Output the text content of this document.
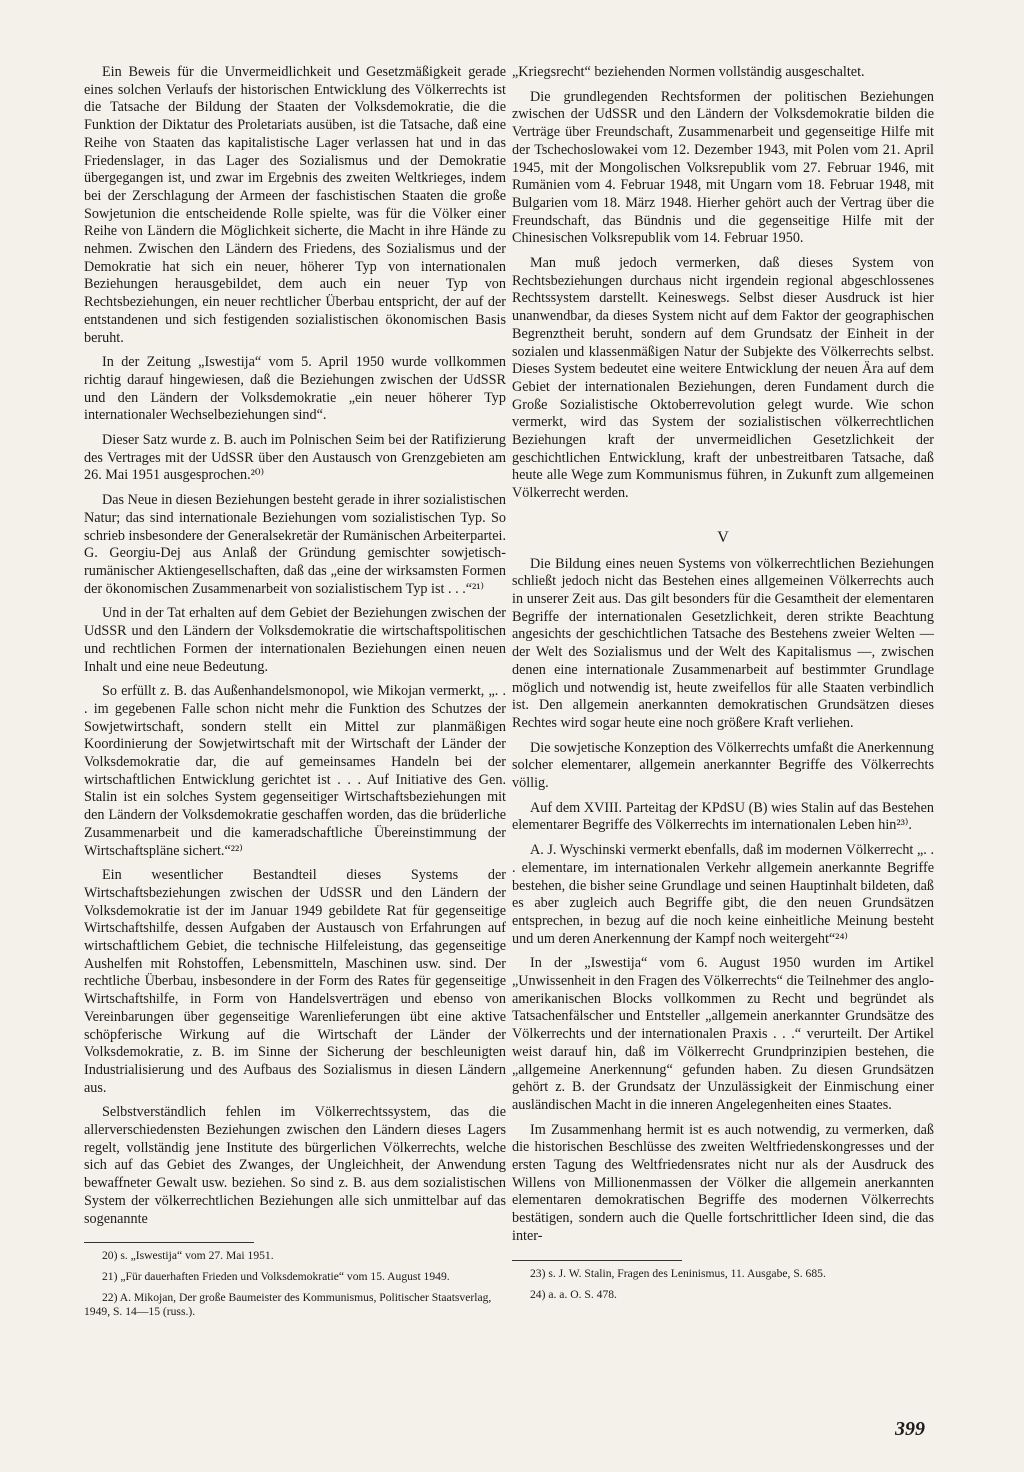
Ein Beweis für die Unvermeidlichkeit und Gesetzmäßigkeit gerade eines solchen Verlaufs der historischen Entwicklung des Völkerrechts ist die Tatsache der Bildung der Staaten der Volksdemokratie, die die Funktion der Diktatur des Proletariats ausüben, ist die Tatsache, daß eine Reihe von Staaten das kapitalistische Lager verlassen hat und in das Friedenslager, in das Lager des Sozialismus und der Demokratie übergegangen ist, und zwar im Ergebnis des zweiten Weltkrieges, indem bei der Zerschlagung der Armeen der faschistischen Staaten die große Sowjetunion die entscheidende Rolle spielte, was für die Völker einer Reihe von Ländern die Möglichkeit sicherte, die Macht in ihre Hände zu nehmen. Zwischen den Ländern des Friedens, des Sozialismus und der Demokratie hat sich ein neuer, höherer Typ von internationalen Beziehungen herausgebildet, dem auch ein neuer Typ von Rechtsbeziehungen, ein neuer rechtlicher Überbau entspricht, der auf der entstandenen und sich festigenden sozialistischen ökonomischen Basis beruht.

In der Zeitung „Iswestija“ vom 5. April 1950 wurde vollkommen richtig darauf hingewiesen, daß die Beziehungen zwischen der UdSSR und den Ländern der Volksdemokratie „ein neuer höherer Typ internationaler Wechselbeziehungen sind“.

Dieser Satz wurde z. B. auch im Polnischen Seim bei der Ratifizierung des Vertrages mit der UdSSR über den Austausch von Grenzgebieten am 26. Mai 1951 ausgesprochen.²⁰⁾

Das Neue in diesen Beziehungen besteht gerade in ihrer sozialistischen Natur; das sind internationale Beziehungen vom sozialistischen Typ. So schrieb insbesondere der Generalsekretär der Rumänischen Arbeiterpartei. G. Georgiu-Dej aus Anlaß der Gründung gemischter sowjetisch-rumänischer Aktiengesellschaften, daß das „eine der wirksamsten Formen der ökonomischen Zusammenarbeit von sozialistischem Typ ist . . .“²¹⁾

Und in der Tat erhalten auf dem Gebiet der Beziehungen zwischen der UdSSR und den Ländern der Volksdemokratie die wirtschaftspolitischen und rechtlichen Formen der internationalen Beziehungen einen neuen Inhalt und eine neue Bedeutung.

So erfüllt z. B. das Außenhandelsmonopol, wie Mikojan vermerkt, „. . . im gegebenen Falle schon nicht mehr die Funktion des Schutzes der Sowjetwirtschaft, sondern stellt ein Mittel zur planmäßigen Koordinierung der Sowjetwirtschaft mit der Wirtschaft der Länder der Volksdemokratie dar, die auf gemeinsames Handeln bei der wirtschaftlichen Entwicklung gerichtet ist . . . Auf Initiative des Gen. Stalin ist ein solches System gegenseitiger Wirtschaftsbeziehungen mit den Ländern der Volksdemokratie geschaffen worden, das die brüderliche Zusammenarbeit und die kameradschaftliche Übereinstimmung der Wirtschaftspläne sichert.“²²⁾

Ein wesentlicher Bestandteil dieses Systems der Wirtschaftsbeziehungen zwischen der UdSSR und den Ländern der Volksdemokratie ist der im Januar 1949 gebildete Rat für gegenseitige Wirtschaftshilfe, dessen Aufgaben der Austausch von Erfahrungen auf wirtschaftlichem Gebiet, die technische Hilfeleistung, das gegenseitige Aushelfen mit Rohstoffen, Lebensmitteln, Maschinen usw. sind. Der rechtliche Überbau, insbesondere in der Form des Rates für gegenseitige Wirtschaftshilfe, in Form von Handelsverträgen und ebenso von Vereinbarungen über gegenseitige Warenlieferungen übt eine aktive schöpferische Wirkung auf die Wirtschaft der Länder der Volksdemokratie, z. B. im Sinne der Sicherung der beschleunigten Industrialisierung und des Aufbaus des Sozialismus in diesen Ländern aus.

Selbstverständlich fehlen im Völkerrechtssystem, das die allerverschiedensten Beziehungen zwischen den Ländern dieses Lagers regelt, vollständig jene Institute des bürgerlichen Völkerrechts, welche sich auf das Gebiet des Zwanges, der Ungleichheit, der Anwendung bewaffneter Gewalt usw. beziehen. So sind z. B. aus dem sozialistischen System der völkerrechtlichen Beziehungen alle sich unmittelbar auf das sogenannte

20) s. „Iswestija“ vom 27. Mai 1951.

21) „Für dauerhaften Frieden und Volksdemokratie“ vom 15. August 1949.

22) A. Mikojan, Der große Baumeister des Kommunismus, Politischer Staatsverlag, 1949, S. 14—15 (russ.).

„Kriegsrecht“ beziehenden Normen vollständig ausgeschaltet.

Die grundlegenden Rechtsformen der politischen Beziehungen zwischen der UdSSR und den Ländern der Volksdemokratie bilden die Verträge über Freundschaft, Zusammenarbeit und gegenseitige Hilfe mit der Tschechoslowakei vom 12. Dezember 1943, mit Polen vom 21. April 1945, mit der Mongolischen Volksrepublik vom 27. Februar 1946, mit Rumänien vom 4. Februar 1948, mit Ungarn vom 18. Februar 1948, mit Bulgarien vom 18. März 1948. Hierher gehört auch der Vertrag über die Freundschaft, das Bündnis und die gegenseitige Hilfe mit der Chinesischen Volksrepublik vom 14. Februar 1950.

Man muß jedoch vermerken, daß dieses System von Rechtsbeziehungen durchaus nicht irgendein regional abgeschlossenes Rechtssystem darstellt. Keineswegs. Selbst dieser Ausdruck ist hier unanwendbar, da dieses System nicht auf dem Faktor der geographischen Begrenztheit beruht, sondern auf dem Grundsatz der Einheit in der sozialen und klassenmäßigen Natur der Subjekte des Völkerrechts selbst. Dieses System bedeutet eine weitere Entwicklung der neuen Ära auf dem Gebiet der internationalen Beziehungen, deren Fundament durch die Große Sozialistische Oktoberrevolution gelegt wurde. Wie schon vermerkt, wird das System der sozialistischen völkerrechtlichen Beziehungen kraft der unvermeidlichen Gesetzlichkeit der geschichtlichen Entwicklung, kraft der unbestreitbaren Tatsache, daß heute alle Wege zum Kommunismus führen, in Zukunft zum allgemeinen Völkerrecht werden.

V

Die Bildung eines neuen Systems von völkerrechtlichen Beziehungen schließt jedoch nicht das Bestehen eines allgemeinen Völkerrechts auch in unserer Zeit aus. Das gilt besonders für die Gesamtheit der elementaren Begriffe der internationalen Gesetzlichkeit, deren strikte Beachtung angesichts der geschichtlichen Tatsache des Bestehens zweier Welten — der Welt des Sozialismus und der Welt des Kapitalismus —, zwischen denen eine internationale Zusammenarbeit auf bestimmter Grundlage möglich und notwendig ist, heute zweifellos für alle Staaten verbindlich ist. Den allgemein anerkannten demokratischen Grundsätzen dieses Rechtes wird sogar heute eine noch größere Kraft verliehen.

Die sowjetische Konzeption des Völkerrechts umfaßt die Anerkennung solcher elementarer, allgemein anerkannter Begriffe des Völkerrechts völlig.

Auf dem XVIII. Parteitag der KPdSU (B) wies Stalin auf das Bestehen elementarer Begriffe des Völkerrechts im internationalen Leben hin²³⁾.

A. J. Wyschinski vermerkt ebenfalls, daß im modernen Völkerrecht „. . . elementare, im internationalen Verkehr allgemein anerkannte Begriffe bestehen, die bisher seine Grundlage und seinen Hauptinhalt bildeten, daß es aber zugleich auch Begriffe gibt, die den neuen Grundsätzen entsprechen, in bezug auf die noch keine einheitliche Meinung besteht und um deren Anerkennung der Kampf noch weitergeht“²⁴⁾

In der „Iswestija“ vom 6. August 1950 wurden im Artikel „Unwissenheit in den Fragen des Völkerrechts“ die Teilnehmer des anglo-amerikanischen Blocks vollkommen zu Recht und begründet als Tatsachenfälscher und Entsteller „allgemein anerkannter Grundsätze des Völkerrechts und der internationalen Praxis . . .“ verurteilt. Der Artikel weist darauf hin, daß im Völkerrecht Grundprinzipien bestehen, die „allgemeine Anerkennung“ gefunden haben. Zu diesen Grundsätzen gehört z. B. der Grundsatz der Unzulässigkeit der Einmischung einer ausländischen Macht in die inneren Angelegenheiten eines Staates.

Im Zusammenhang hermit ist es auch notwendig, zu vermerken, daß die historischen Beschlüsse des zweiten Weltfriedenskongresses und der ersten Tagung des Weltfriedensrates nicht nur als der Ausdruck des Willens von Millionenmassen der Völker die allgemein anerkannten elementaren demokratischen Begriffe des modernen Völkerrechts bestätigen, sondern auch die Quelle fortschrittlicher Ideen sind, die das inter-

23) s. J. W. Stalin, Fragen des Leninismus, 11. Ausgabe, S. 685.

24) a. a. O. S. 478.

399
